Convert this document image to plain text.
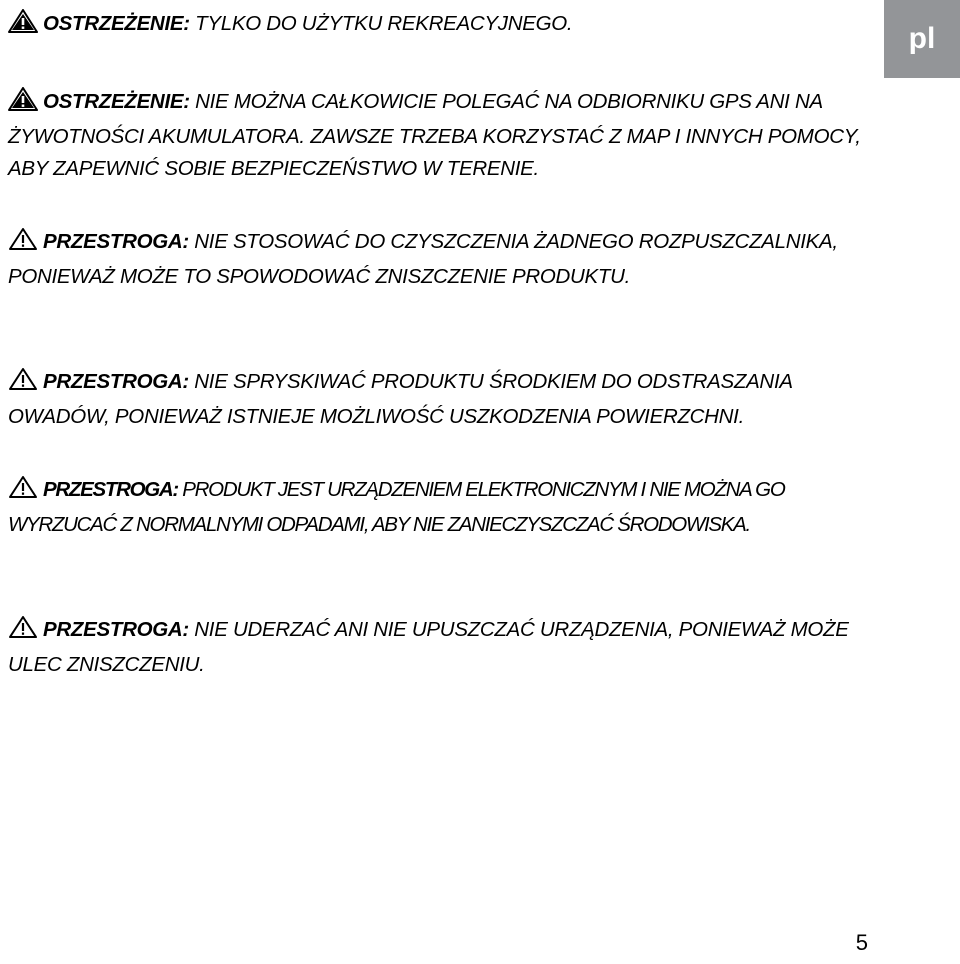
pl
OSTRZEŻENIE: TYLKO DO UŻYTKU REKREACYJNEGO.
OSTRZEŻENIE: NIE MOŻNA CAŁKOWICIE POLEGAĆ NA ODBIORNIKU GPS ANI NA ŻYWOTNOŚCI AKUMULATORA. ZAWSZE TRZEBA KORZYSTAĆ Z MAP I INNYCH POMOCY, ABY ZAPEWNIĆ SOBIE BEZPIECZEŃSTWO W TERENIE.
PRZESTROGA: NIE STOSOWAĆ DO CZYSZCZENIA ŻADNEGO ROZPUSZCZALNIKA, PONIEWAŻ MOŻE TO SPOWODOWAĆ ZNISZCZENIE PRODUKTU.
PRZESTROGA: NIE SPRYSKIWAĆ PRODUKTU ŚRODKIEM DO ODSTRASZANIA OWADÓW, PONIEWAŻ ISTNIEJE MOŻLIWOŚĆ USZKODZENIA POWIERZCHNI.
PRZESTROGA: PRODUKT JEST URZĄDZENIEM ELEKTRONICZNYM I NIE MOŻNA GO WYRZUCAĆ Z NORMALNYMI ODPADAMI, ABY NIE ZANIECZYSZCZAĆ ŚRODOWISKA.
PRZESTROGA: NIE UDERZAĆ ANI NIE UPUSZCZAĆ URZĄDZENIA, PONIEWAŻ MOŻE ULEC ZNISZCZENIU.
5
